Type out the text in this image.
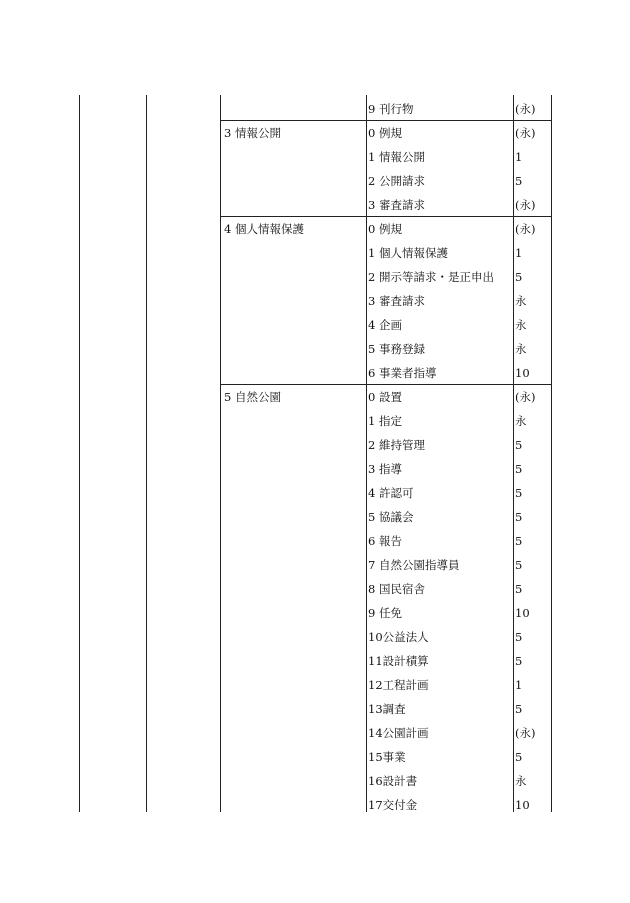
9 刊行物	(永)
3 情報公開	0 例規	(永)
1 情報公開	1
2 公開請求	5
3 審査請求	(永)
4 個人情報保護	0 例規	(永)
1 個人情報保護	1
2 開示等請求・是正申出 5
3 審査請求	永
4 企画	永
5 事務登録	永
6 事業者指導	10
5 自然公園	0 設置	(永)
1 指定	永
2 維持管理	5
3 指導	5
4 許認可	5
5 協議会	5
6 報告	5
7 自然公園指導員	5
8 国民宿舎	5
9 任免	10
10公益法人	5
11設計積算	5
12工程計画	1
13調査	5
14公園計画	(永)
15事業	5
16設計書	永
17交付金	10
